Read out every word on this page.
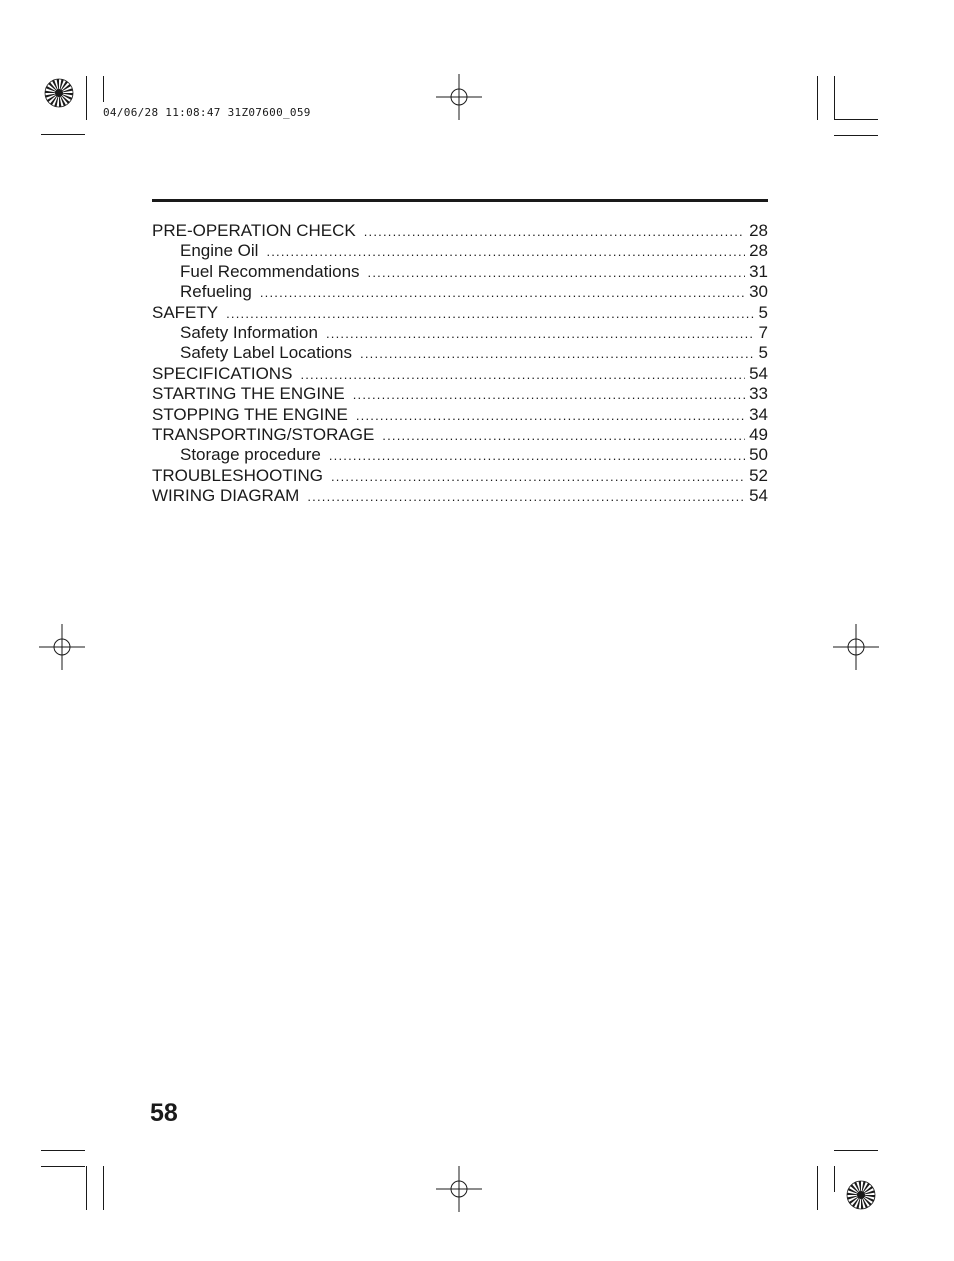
04/06/28 11:08:47 31Z07600_059
PRE-OPERATION CHECK .....	28
Engine Oil .....	28
Fuel Recommendations .....	31
Refueling .....	30
SAFETY .....	5
Safety Information .....	7
Safety Label Locations .....	5
SPECIFICATIONS .....	54
STARTING THE ENGINE .....	33
STOPPING THE ENGINE .....	34
TRANSPORTING/STORAGE .....	49
Storage procedure .....	50
TROUBLESHOOTING .....	52
WIRING DIAGRAM .....	54
58
